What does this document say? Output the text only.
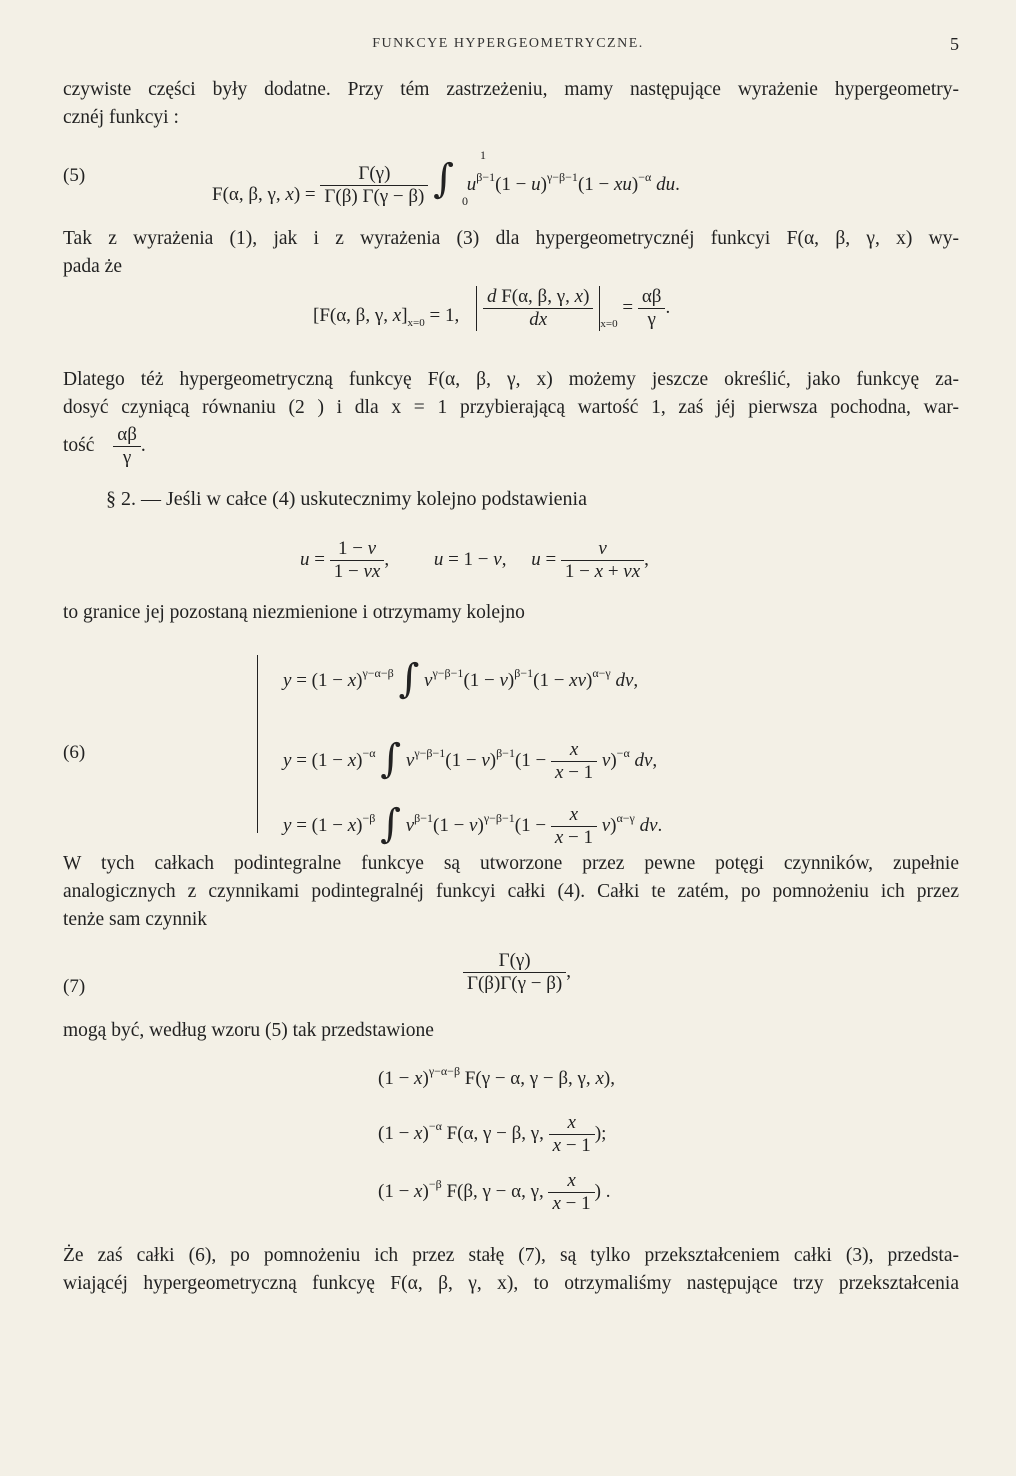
FUNKCYE HYPERGEOMETRYCZNE.	5
czywiste części były dodatne. Przy tém zastrzeżeniu, mamy następujące wyrażenie hypergeometry-
cznéj funkcyi :
(5)
F(α, β, γ, $x) = \frac{\Gamma(\gamma)}{\Gamma(\beta) \Gamma(\gamma - \beta)}$ ∫
1
0
$u^{\beta-1}(1 - u)^{\gamma-\beta-1}(1 - xu)^{-\alpha}$ du.
Tak z wyrażenia (1), jak i z wyrażenia (3) dla hypergeometrycznéj funkcyi F(α, β, γ, x) wy-
pada że
[F(α, β, γ, $x]_{x=0} = 1$, $\frac{\text{d F(α, β, γ, x)}}{dx} _{x=0} = \frac{\alpha\beta}{\gamma}$ .
Dlatego téż hypergeometryczną funkcyę F(α, β, γ, x) możemy jeszcze określić, jako funkcyę za-
dosyć czyniącą równaniu (2 ) i dla x = 1 przybierającą wartość 1, zaś jéj pierwsza pochodna, war-
tość $\frac{\alpha\beta}{\gamma}$ .
§ 2. — Jeśli w całce (4) uskutecznimy kolejno podstawienia
$u = \frac{1 - v}{1 - vx}$ , u = 1 − v, $u = \frac{v}{1 - x + vx}$ ,
to granice jej pozostaną niezmienione i otrzymamy kolejno
(6)
$y = (1 - x)^{\gamma-\alpha-\beta}$ ∫ $v^{\gamma-\beta-1}(1 - v)^{\beta-1}(1 - xv)^{\alpha-\gamma}$ dv,
$y = (1 - x)^{-\alpha}$ ∫ $v^{\gamma-\beta-1}(1 - v)^{\beta-1}(1 - \frac{x}{x - 1} v)^{-\alpha}$ dv,
$y = (1 - x)^{-\beta}$ ∫ $v^{\beta-1}(1 - v)^{\gamma-\beta-1}(1 - \frac{x}{x - 1} v)^{\alpha-\gamma}$ dv.
W tych całkach podintegralne funkcye są utworzone przez pewne potęgi czynników, zupełnie
analogicznych z czynnikami podintegralnéj funkcyi całki (4). Całki te zatém, po pomnożeniu ich przez
tenże sam czynnik
(7)	$\frac{\Gamma(\gamma)}{\Gamma(\beta)\Gamma(\gamma - \beta)}$ ,
mogą być, według wzoru (5) tak przedstawione
$(1 - x)^{\gamma-\alpha-\beta}$ F(γ − α, γ − β, γ, x),
$(1 - x)^{-\alpha}$ F(α, γ − β, γ, $\frac{x}{x - 1}$ );
$(1 - x)^{-\beta}$ F(β, γ − α, γ, $\frac{x}{x - 1}$ ) .
Że zaś całki (6), po pomnożeniu ich przez stałę (7), są tylko przekształceniem całki (3), przedsta-
wiającéj hypergeometryczną funkcyę F(α, β, γ, x), to otrzymaliśmy następujące trzy przekształcenia
